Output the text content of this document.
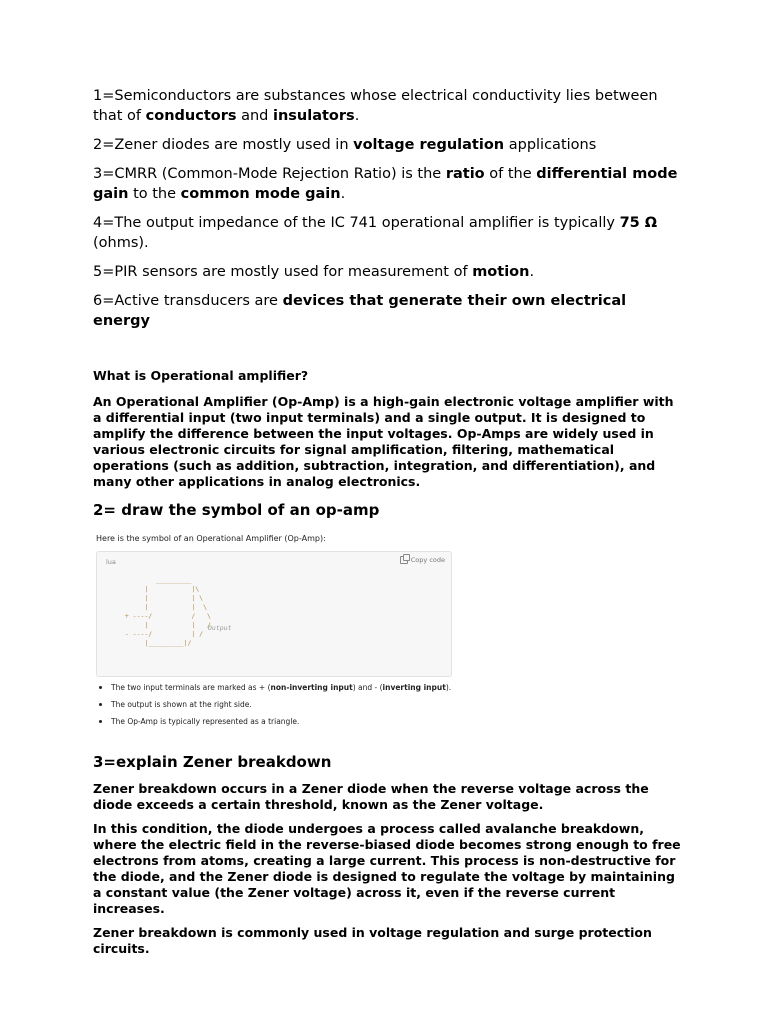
1=Semiconductors are substances whose electrical conductivity lies between that of conductors and insulators.

2=Zener diodes are mostly used in voltage regulation applications

3=CMRR (Common-Mode Rejection Ratio) is the ratio of the differential mode gain to the common mode gain.

4=The output impedance of the IC 741 operational amplifier is typically 75 Ω (ohms).

5=PIR sensors are mostly used for measurement of motion.

6=Active transducers are devices that generate their own electrical energy

What is Operational amplifier?

An Operational Amplifier (Op-Amp) is a high-gain electronic voltage amplifier with a differential input (two input terminals) and a single output. It is designed to amplify the difference between the input voltages. Op-Amps are widely used in various electronic circuits for signal amplification, filtering, mathematical operations (such as addition, subtraction, integration, and differentiation), and many other applications in analog electronics.

2= draw the symbol of an op-amp
Here is the symbol of an Operational Amplifier (Op-Amp):
lua	Copy code
_________
|           |\
|           | \
|           |  \
+ ----/          /   \
|           |   /
- ----/          | /
|_________|/
Output
The two input terminals are marked as + (non-inverting input) and - (inverting input).
The output is shown at the right side.
The Op-Amp is typically represented as a triangle.
3=explain Zener breakdown

Zener breakdown occurs in a Zener diode when the reverse voltage across the diode exceeds a certain threshold, known as the Zener voltage.

In this condition, the diode undergoes a process called avalanche breakdown, where the electric field in the reverse-biased diode becomes strong enough to free electrons from atoms, creating a large current. This process is non-destructive for the diode, and the Zener diode is designed to regulate the voltage by maintaining a constant value (the Zener voltage) across it, even if the reverse current increases.

Zener breakdown is commonly used in voltage regulation and surge protection circuits.
